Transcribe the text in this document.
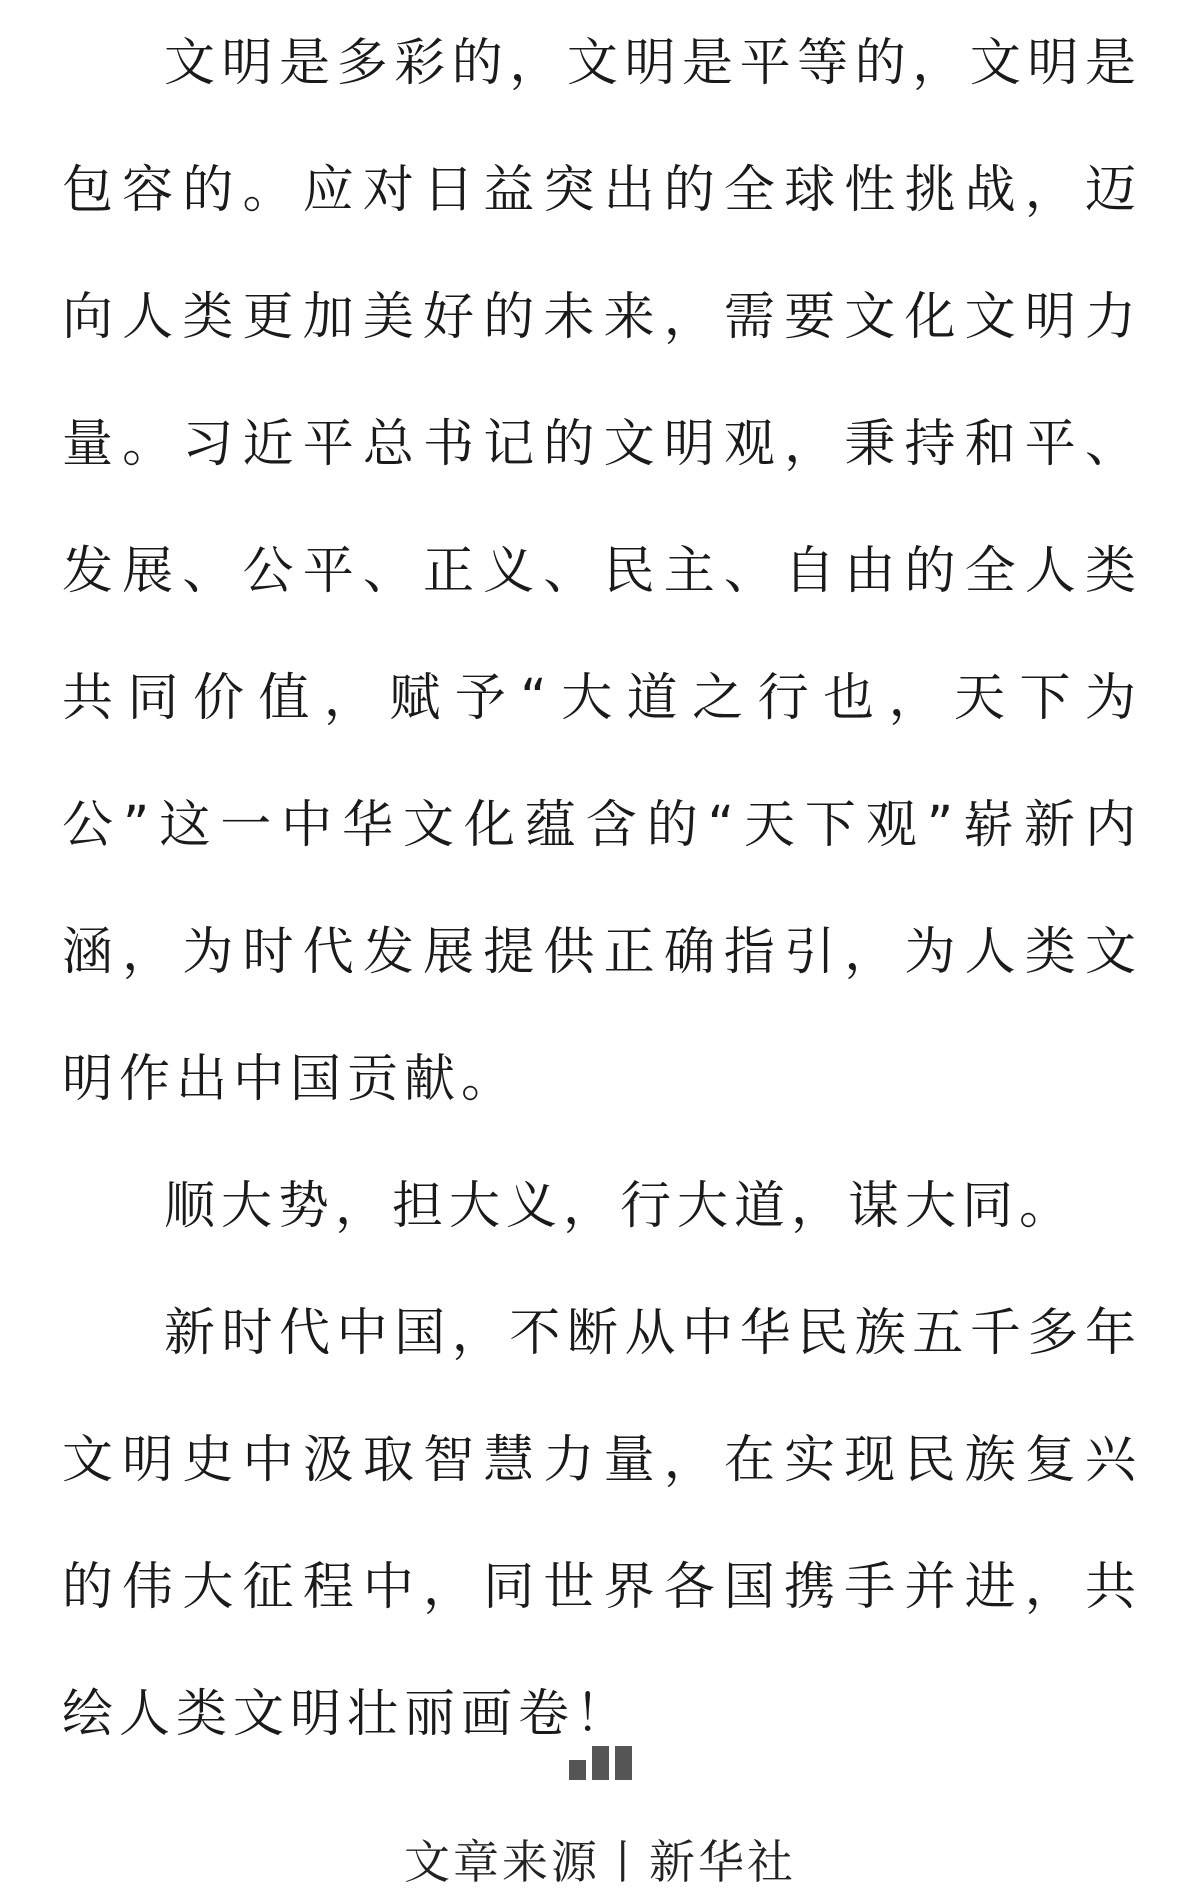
文明是多彩的，文明是平等的，文明是包容的。应对日益突出的全球性挑战，迈向人类更加美好的未来，需要文化文明力量。习近平总书记的文明观，秉持和平、发展、公平、正义、民主、自由的全人类共同价值，赋予“大道之行也，天下为公”这一中华文化蕴含的“天下观”崭新内涵，为时代发展提供正确指引，为人类文明作出中国贡献。

顺大势，担大义，行大道，谋大同。

新时代中国，不断从中华民族五千多年文明史中汲取智慧力量，在实现民族复兴的伟大征程中，同世界各国携手并进，共绘人类文明壮丽画卷！

文章来源丨新华社
